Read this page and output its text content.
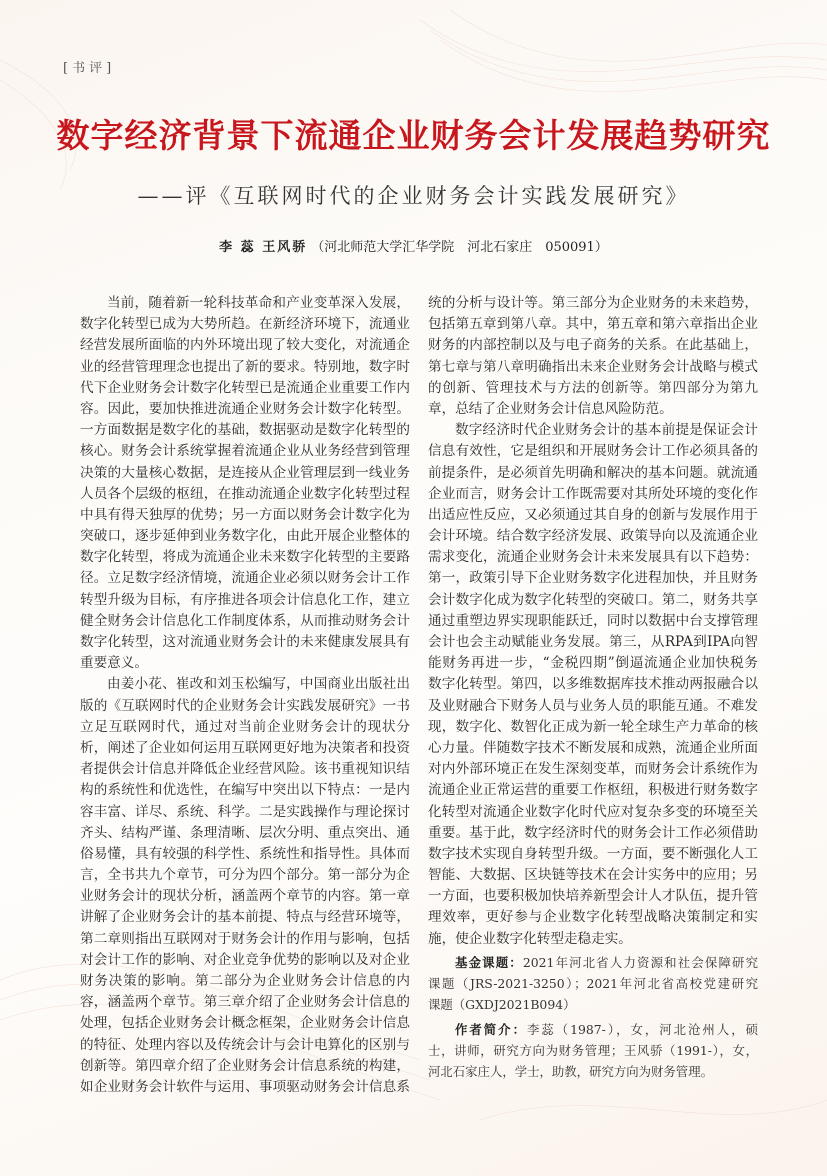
[书评]
数字经济背景下流通企业财务会计发展趋势研究
——评《互联网时代的企业财务会计实践发展研究》
李 蕊 王风骄 （河北师范大学汇华学院　河北石家庄　050091）
当前，随着新一轮科技革命和产业变革深入发展，
数字化转型已成为大势所趋。在新经济环境下，流通业
经营发展所面临的内外环境出现了较大变化，对流通企
业的经营管理理念也提出了新的要求。特别地，数字时
代下企业财务会计数字化转型已是流通企业重要工作内
容。因此，要加快推进流通企业财务会计数字化转型。
一方面数据是数字化的基础，数据驱动是数字化转型的
核心。财务会计系统掌握着流通企业从业务经营到管理
决策的大量核心数据，是连接从企业管理层到一线业务
人员各个层级的枢纽，在推动流通企业数字化转型过程
中具有得天独厚的优势；另一方面以财务会计数字化为
突破口，逐步延伸到业务数字化，由此开展企业整体的
数字化转型，将成为流通企业未来数字化转型的主要路
径。立足数字经济情境，流通企业必须以财务会计工作
转型升级为目标，有序推进各项会计信息化工作，建立
健全财务会计信息化工作制度体系，从而推动财务会计
数字化转型，这对流通业财务会计的未来健康发展具有
重要意义。
由姜小花、崔改和刘玉松编写，中国商业出版社出
版的《互联网时代的企业财务会计实践发展研究》一书
立足互联网时代，通过对当前企业财务会计的现状分
析，阐述了企业如何运用互联网更好地为决策者和投资
者提供会计信息并降低企业经营风险。该书重视知识结
构的系统性和优选性，在编写中突出以下特点：一是内
容丰富、详尽、系统、科学。二是实践操作与理论探讨
齐头、结构严谨、条理清晰、层次分明、重点突出、通
俗易懂，具有较强的科学性、系统性和指导性。具体而
言，全书共九个章节，可分为四个部分。第一部分为企
业财务会计的现状分析，涵盖两个章节的内容。第一章
讲解了企业财务会计的基本前提、特点与经营环境等，
第二章则指出互联网对于财务会计的作用与影响，包括
对会计工作的影响、对企业竞争优势的影响以及对企业
财务决策的影响。第二部分为企业财务会计信息的内
容，涵盖两个章节。第三章介绍了企业财务会计信息的
处理，包括企业财务会计概念框架，企业财务会计信息
的特征、处理内容以及传统会计与会计电算化的区别与
创新等。第四章介绍了企业财务会计信息系统的构建，
如企业财务会计软件与运用、事项驱动财务会计信息系
统的分析与设计等。第三部分为企业财务的未来趋势，
包括第五章到第八章。其中，第五章和第六章指出企业
财务的内部控制以及与电子商务的关系。在此基础上，
第七章与第八章明确指出未来企业财务会计战略与模式
的创新、管理技术与方法的创新等。第四部分为第九
章，总结了企业财务会计信息风险防范。
数字经济时代企业财务会计的基本前提是保证会计
信息有效性，它是组织和开展财务会计工作必须具备的
前提条件，是必须首先明确和解决的基本问题。就流通
企业而言，财务会计工作既需要对其所处环境的变化作
出适应性反应，又必须通过其自身的创新与发展作用于
会计环境。结合数字经济发展、政策导向以及流通企业
需求变化，流通企业财务会计未来发展具有以下趋势：
第一，政策引导下企业财务数字化进程加快，并且财务
会计数字化成为数字化转型的突破口。第二，财务共享
通过重塑边界实现职能跃迁，同时以数据中台支撑管理
会计也会主动赋能业务发展。第三，从RPA到IPA向智
能财务再进一步，“金税四期”倒逼流通企业加快税务
数字化转型。第四，以多维数据库技术推动两报融合以
及业财融合下财务人员与业务人员的职能互通。不难发
现，数字化、数智化正成为新一轮全球生产力革命的核
心力量。伴随数字技术不断发展和成熟，流通企业所面
对内外部环境正在发生深刻变革，而财务会计系统作为
流通企业正常运营的重要工作枢纽，积极进行财务数字
化转型对流通企业数字化时代应对复杂多变的环境至关
重要。基于此，数字经济时代的财务会计工作必须借助
数字技术实现自身转型升级。一方面，要不断强化人工
智能、大数据、区块链等技术在会计实务中的应用；另
一方面，也要积极加快培养新型会计人才队伍，提升管
理效率，更好参与企业数字化转型战略决策制定和实
施，使企业数字化转型走稳走实。
基金课题：2021年河北省人力资源和社会保障研究
课题（JRS-2021-3250）；2021年河北省高校党建研究
课题（GXDJ2021B094）
作者简介：李蕊（1987-），女，河北沧州人，硕
士，讲师，研究方向为财务管理；王风骄（1991-），女，
河北石家庄人，学士，助教，研究方向为财务管理。
